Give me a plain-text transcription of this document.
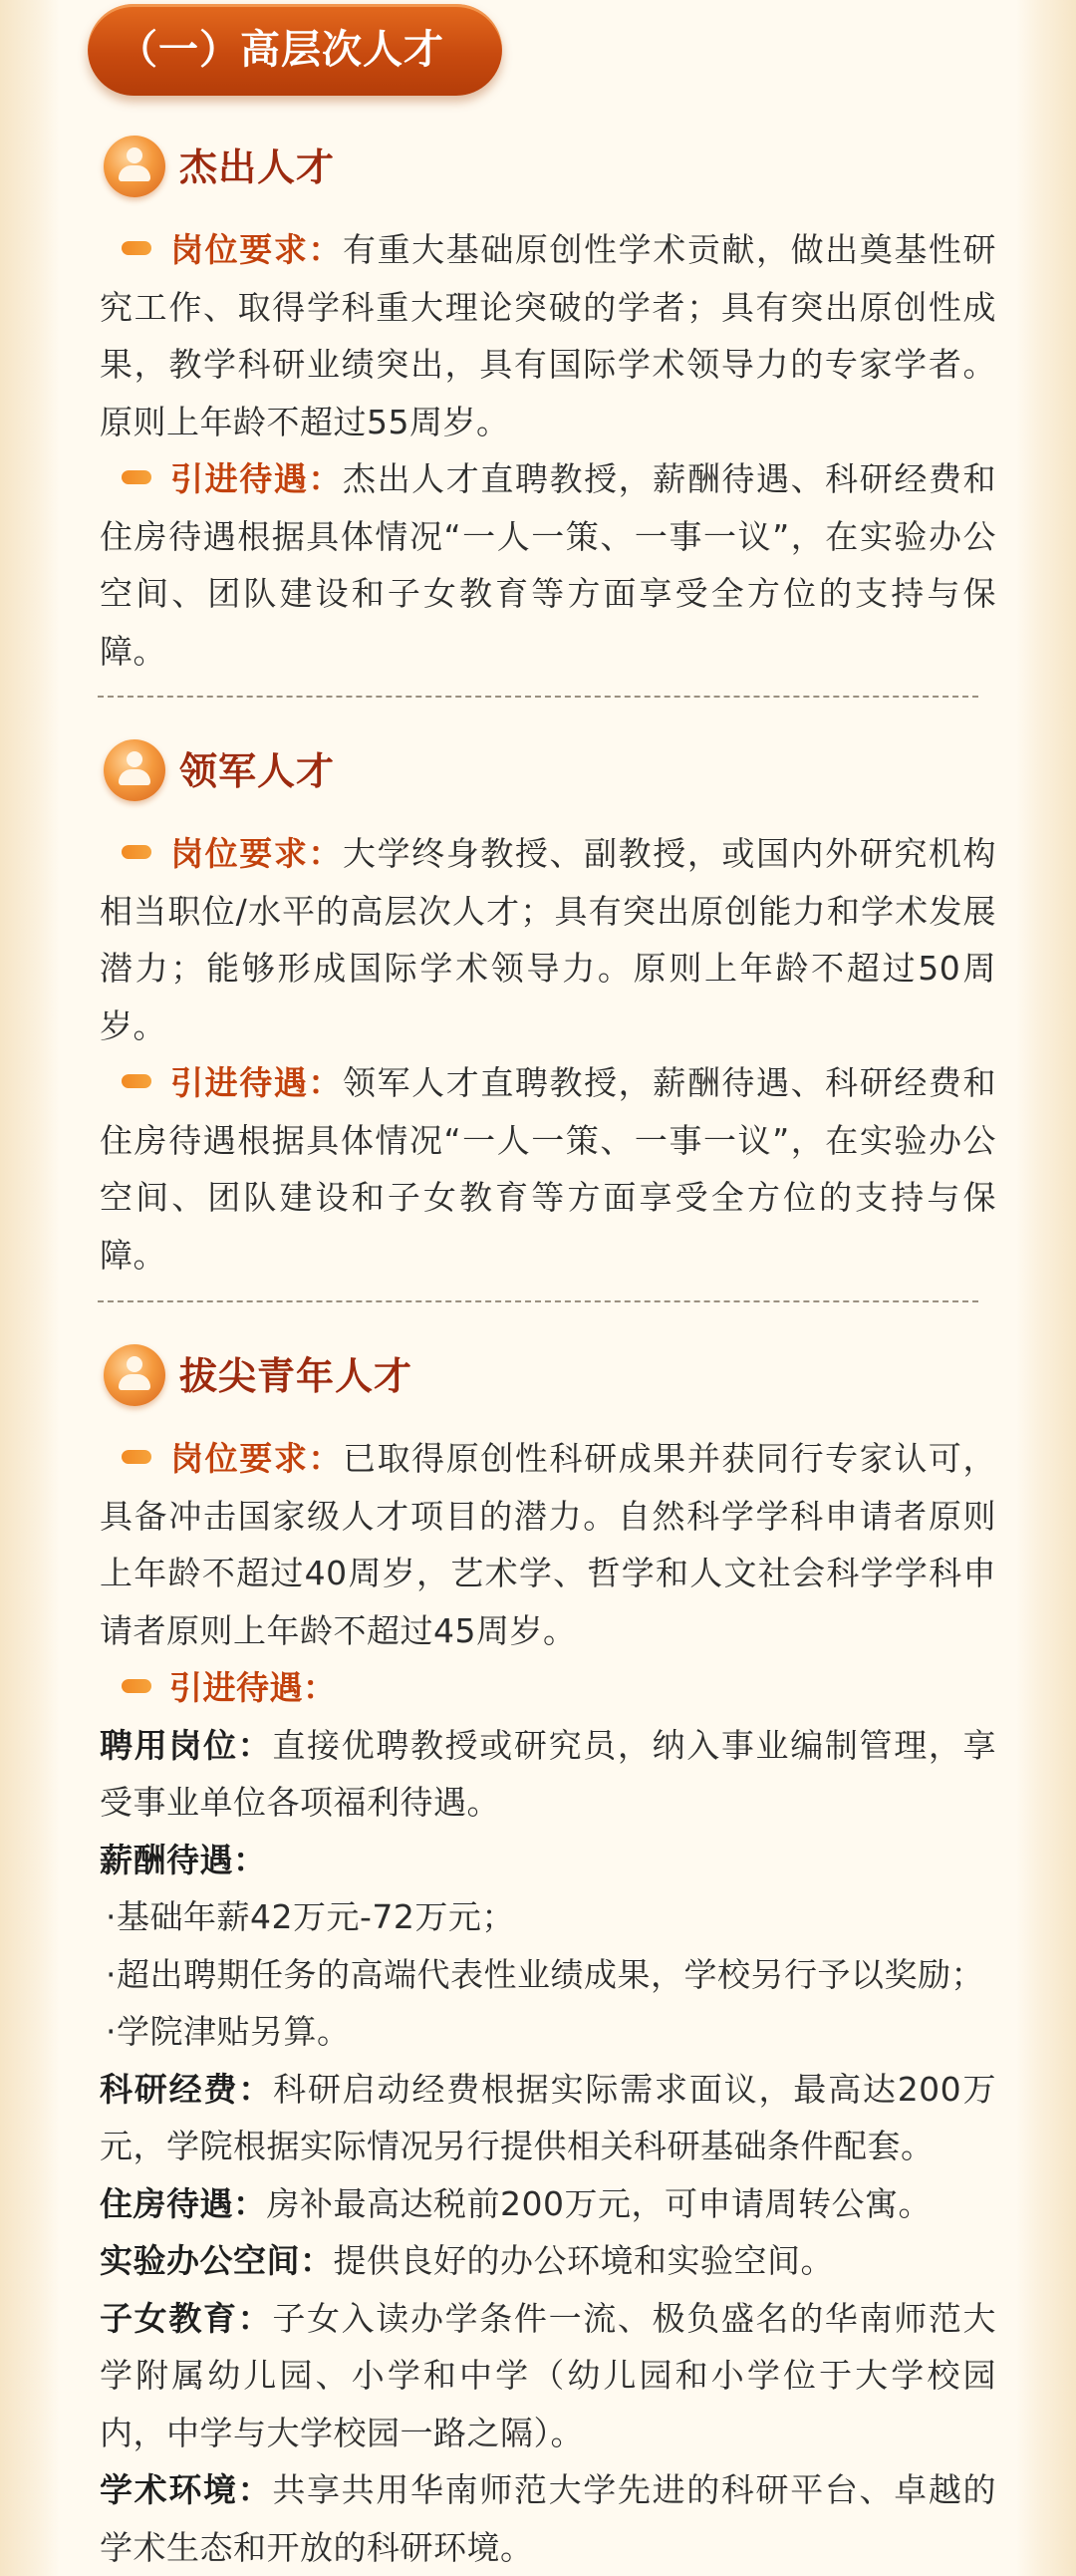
（一）高层次人才
杰出人才

岗位要求：有重大基础原创性学术贡献，做出奠基性研究工作、取得学科重大理论突破的学者；具有突出原创性成果，教学科研业绩突出，具有国际学术领导力的专家学者。原则上年龄不超过55周岁。

引进待遇：杰出人才直聘教授，薪酬待遇、科研经费和住房待遇根据具体情况“一人一策、一事一议”，在实验办公空间、团队建设和子女教育等方面享受全方位的支持与保障。

领军人才

岗位要求：大学终身教授、副教授，或国内外研究机构相当职位/水平的高层次人才；具有突出原创能力和学术发展潜力；能够形成国际学术领导力。原则上年龄不超过50周岁。

引进待遇：领军人才直聘教授，薪酬待遇、科研经费和住房待遇根据具体情况“一人一策、一事一议”，在实验办公空间、团队建设和子女教育等方面享受全方位的支持与保障。

拔尖青年人才

岗位要求：已取得原创性科研成果并获同行专家认可，具备冲击国家级人才项目的潜力。自然科学学科申请者原则上年龄不超过40周岁，艺术学、哲学和人文社会科学学科申请者原则上年龄不超过45周岁。

引进待遇：

聘用岗位：直接优聘教授或研究员，纳入事业编制管理，享受事业单位各项福利待遇。

薪酬待遇：

·基础年薪42万元-72万元；

·超出聘期任务的高端代表性业绩成果，学校另行予以奖励；

·学院津贴另算。

科研经费：科研启动经费根据实际需求面议，最高达200万元，学院根据实际情况另行提供相关科研基础条件配套。

住房待遇：房补最高达税前200万元，可申请周转公寓。

实验办公空间：提供良好的办公环境和实验空间。

子女教育：子女入读办学条件一流、极负盛名的华南师范大学附属幼儿园、小学和中学（幼儿园和小学位于大学校园内，中学与大学校园一路之隔）。

学术环境：共享共用华南师范大学先进的科研平台、卓越的学术生态和开放的科研环境。
